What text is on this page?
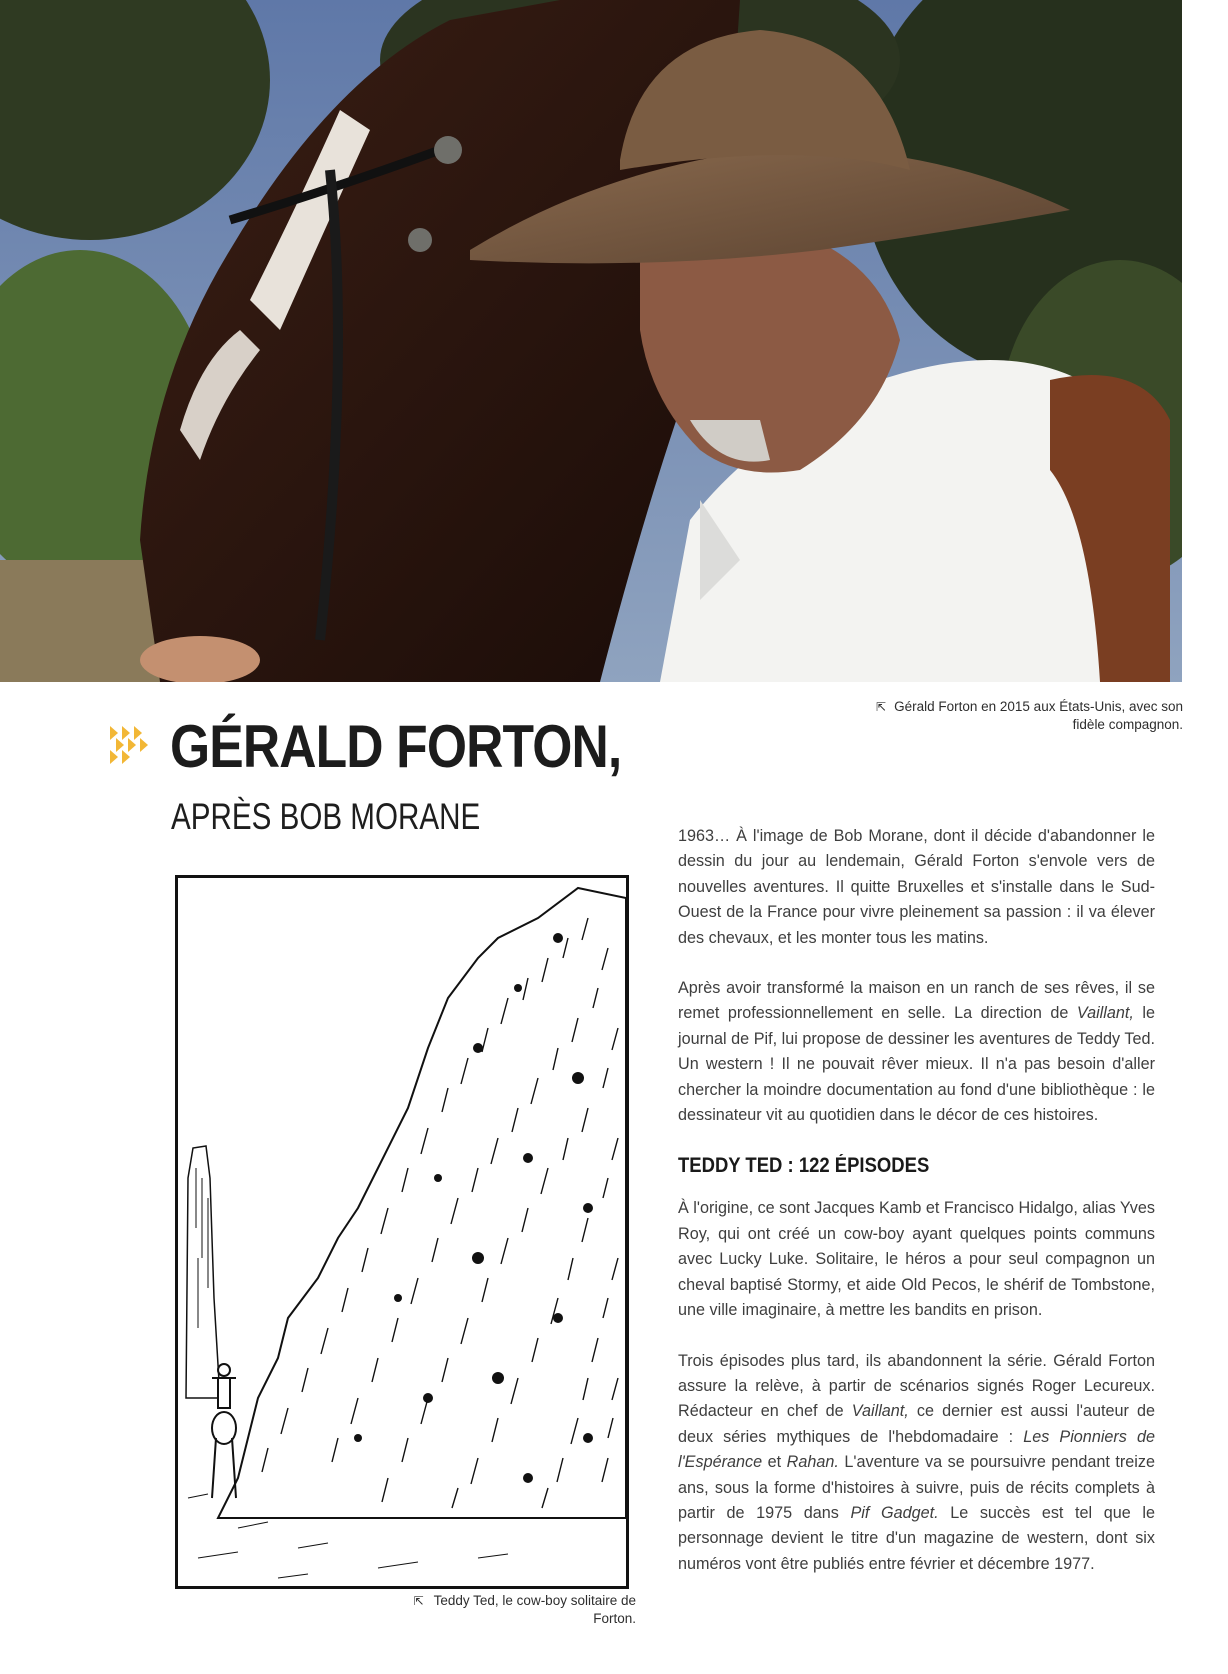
⇱ Gérald Forton en 2015 aux États-Unis, avec son fidèle compagnon.
GÉRALD FORTON,
APRÈS BOB MORANE
⇱ Teddy Ted, le cow-boy solitaire de Forton.

1963… À l'image de Bob Morane, dont il décide d'abandonner le dessin du jour au lendemain, Gérald Forton s'envole vers de nouvelles aventures. Il quitte Bruxelles et s'installe dans le Sud-Ouest de la France pour vivre pleinement sa passion : il va élever des chevaux, et les monter tous les matins.

Après avoir transformé la maison en un ranch de ses rêves, il se remet professionnellement en selle. La direction de Vaillant, le journal de Pif, lui propose de dessiner les aventures de Teddy Ted. Un western ! Il ne pouvait rêver mieux. Il n'a pas besoin d'aller chercher la moindre documentation au fond d'une bibliothèque : le dessinateur vit au quotidien dans le décor de ces histoires.

TEDDY TED : 122 ÉPISODES

À l'origine, ce sont Jacques Kamb et Francisco Hidalgo, alias Yves Roy, qui ont créé un cow-boy ayant quelques points communs avec Lucky Luke. Solitaire, le héros a pour seul compagnon un cheval baptisé Stormy, et aide Old Pecos, le shérif de Tombstone, une ville imaginaire, à mettre les bandits en prison.

Trois épisodes plus tard, ils abandonnent la série. Gérald Forton assure la relève, à partir de scénarios signés Roger Lecureux. Rédacteur en chef de Vaillant, ce dernier est aussi l'auteur de deux séries mythiques de l'hebdomadaire : Les Pionniers de l'Espérance et Rahan. L'aventure va se poursuivre pendant treize ans, sous la forme d'histoires à suivre, puis de récits complets à partir de 1975 dans Pif Gadget. Le succès est tel que le personnage devient le titre d'un magazine de western, dont six numéros vont être publiés entre février et décembre 1977.
